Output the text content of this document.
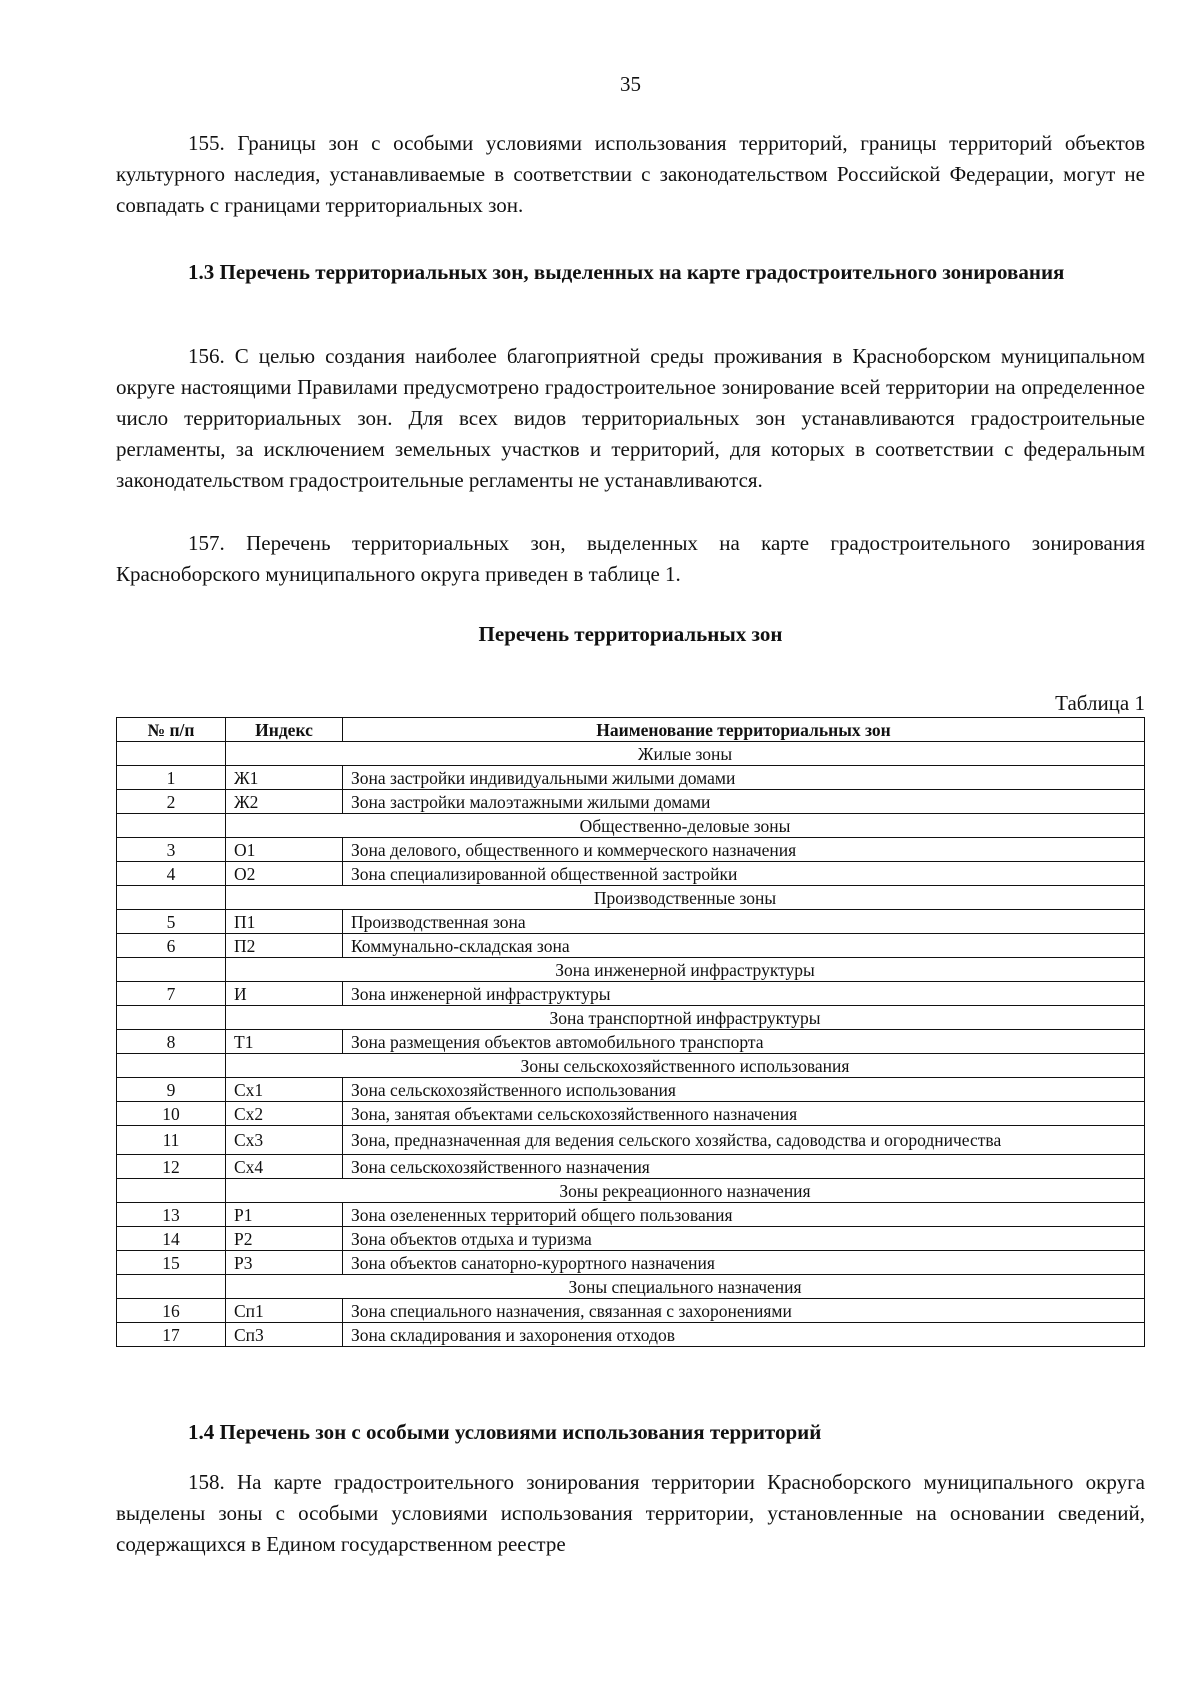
35

155. Границы зон с особыми условиями использования территорий, границы территорий объектов культурного наследия, устанавливаемые в соответствии с законодательством Российской Федерации, могут не совпадать с границами территориальных зон.

1.3 Перечень территориальных зон, выделенных на карте градостроительного зонирования

156. С целью создания наиболее благоприятной среды проживания в Красноборском муниципальном округе настоящими Правилами предусмотрено градостроительное зонирование всей территории на определенное число территориальных зон. Для всех видов территориальных зон устанавливаются градостроительные регламенты, за исключением земельных участков и территорий, для которых в соответствии с федеральным законодательством градостроительные регламенты не устанавливаются.

157. Перечень территориальных зон, выделенных на карте градостроительного зонирования Красноборского муниципального округа приведен в таблице 1.

Перечень территориальных зон
Таблица 1
№ п/п	Индекс	Наименование территориальных зон
	Жилые зоны	
1	Ж1	Зона застройки индивидуальными жилыми домами
2	Ж2	Зона застройки малоэтажными жилыми домами
	Общественно-деловые зоны	
3	О1	Зона делового, общественного и коммерческого назначения
4	О2	Зона специализированной общественной застройки
	Производственные зоны	
5	П1	Производственная зона
6	П2	Коммунально-складская зона
	Зона инженерной инфраструктуры	
7	И	Зона инженерной инфраструктуры
	Зона транспортной инфраструктуры	
8	Т1	Зона размещения объектов автомобильного транспорта
	Зоны сельскохозяйственного использования	
9	Сх1	Зона сельскохозяйственного использования
10	Сх2	Зона, занятая объектами сельскохозяйственного назначения
11	Сх3	Зона, предназначенная для ведения сельского хозяйства, садоводства и огородничества
12	Сх4	Зона сельскохозяйственного назначения
	Зоны рекреационного назначения	
13	Р1	Зона озелененных территорий общего пользования
14	Р2	Зона объектов отдыха и туризма
15	Р3	Зона объектов санаторно-курортного назначения
	Зоны специального назначения	
16	Сп1	Зона специального назначения, связанная с захоронениями
17	Сп3	Зона складирования и захоронения отходов

1.4 Перечень зон с особыми условиями использования территорий

158. На карте градостроительного зонирования территории Красноборского муниципального округа выделены зоны с особыми условиями использования территории, установленные на основании сведений, содержащихся в Едином государственном реестре
